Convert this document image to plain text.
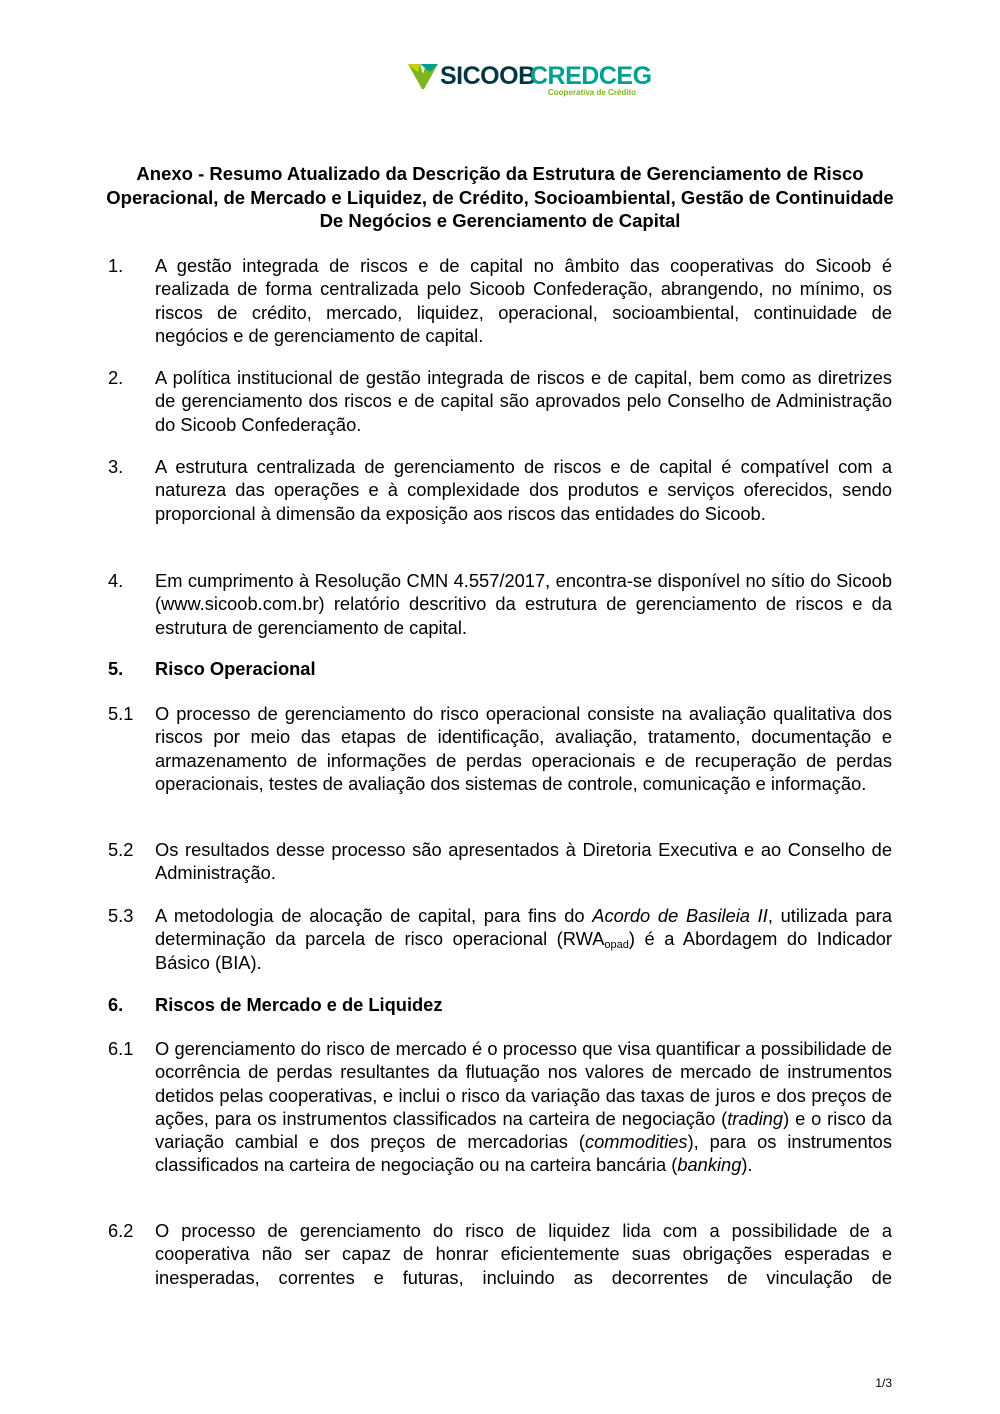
SICOOB
CREDCEG
Cooperativa de Crédito
Anexo - Resumo Atualizado da Descrição da Estrutura de Gerenciamento de Risco Operacional, de Mercado e Liquidez, de Crédito, Socioambiental, Gestão de Continuidade De Negócios e Gerenciamento de Capital
1. A gestão integrada de riscos e de capital no âmbito das cooperativas do Sicoob é realizada de forma centralizada pelo Sicoob Confederação, abrangendo, no mínimo, os riscos de crédito, mercado, liquidez, operacional, socioambiental, continuidade de negócios e de gerenciamento de capital.
2. A política institucional de gestão integrada de riscos e de capital, bem como as diretrizes de gerenciamento dos riscos e de capital são aprovados pelo Conselho de Administração do Sicoob Confederação.
3. A estrutura centralizada de gerenciamento de riscos e de capital é compatível com a natureza das operações e à complexidade dos produtos e serviços oferecidos, sendo proporcional à dimensão da exposição aos riscos das entidades do Sicoob.
4. Em cumprimento à Resolução CMN 4.557/2017, encontra-se disponível no sítio do Sicoob (www.sicoob.com.br) relatório descritivo da estrutura de gerenciamento de riscos e da estrutura de gerenciamento de capital.
5. Risco Operacional
5.1 O processo de gerenciamento do risco operacional consiste na avaliação qualitativa dos riscos por meio das etapas de identificação, avaliação, tratamento, documentação e armazenamento de informações de perdas operacionais e de recuperação de perdas operacionais, testes de avaliação dos sistemas de controle, comunicação e informação.
5.2 Os resultados desse processo são apresentados à Diretoria Executiva e ao Conselho de Administração.
5.3 A metodologia de alocação de capital, para fins do Acordo de Basileia II, utilizada para determinação da parcela de risco operacional $(RWA_{opad})$ é a Abordagem do Indicador Básico (BIA).
6. Riscos de Mercado e de Liquidez
6.1 O gerenciamento do risco de mercado é o processo que visa quantificar a possibilidade de ocorrência de perdas resultantes da flutuação nos valores de mercado de instrumentos detidos pelas cooperativas, e inclui o risco da variação das taxas de juros e dos preços de ações, para os instrumentos classificados na carteira de negociação (trading) e o risco da variação cambial e dos preços de mercadorias (commodities), para os instrumentos classificados na carteira de negociação ou na carteira bancária (banking).
6.2 O processo de gerenciamento do risco de liquidez lida com a possibilidade de a cooperativa não ser capaz de honrar eficientemente suas obrigações esperadas e inesperadas, correntes e futuras, incluindo as decorrentes de vinculação de
1/3
